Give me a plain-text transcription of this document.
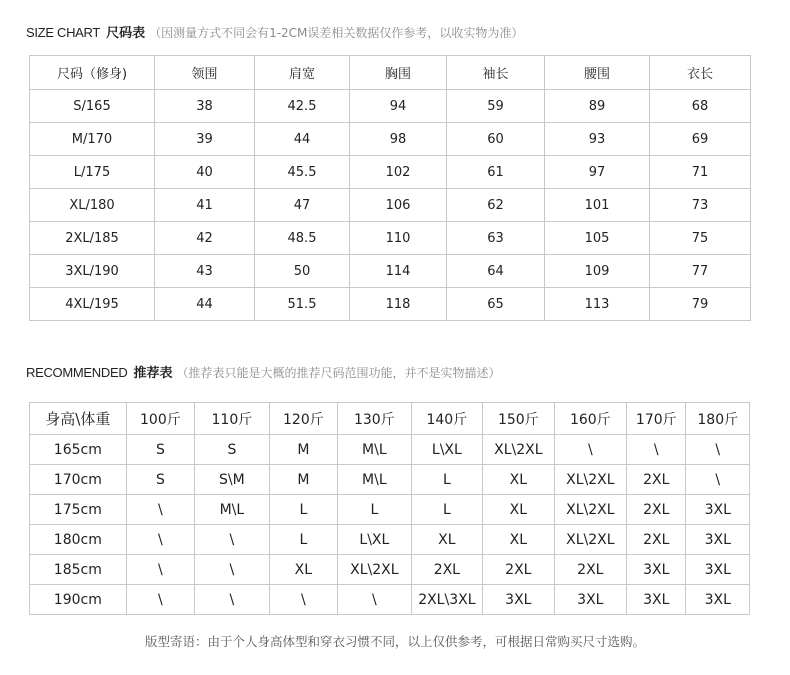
SIZE CHART 尺码表 （因测量方式不同会有1-2CM误差相关数据仅作参考，以收实物为准）
尺码（修身)	领围	肩宽	胸围	袖长	腰围	衣长
S/165	38	42.5	94	59	89	68
M/170	39	44	98	60	93	69
L/175	40	45.5	102	61	97	71
XL/180	41	47	106	62	101	73
2XL/185	42	48.5	110	63	105	75
3XL/190	43	50	114	64	109	77
4XL/195	44	51.5	118	65	113	79
RECOMMENDED 推荐表 （推荐表只能是大概的推荐尺码范围功能，并不是实物描述）
身高\体重	100斤	110斤	120斤	130斤	140斤	150斤	160斤	170斤	180斤
165cm	S	S	M	M\L	L\XL	XL\2XL	\	\	\
170cm	S	S\M	M	M\L	L	XL	XL\2XL	2XL	\
175cm	\	M\L	L	L	L	XL	XL\2XL	2XL	3XL
180cm	\	\	L	L\XL	XL	XL	XL\2XL	2XL	3XL
185cm	\	\	XL	XL\2XL	2XL	2XL	2XL	3XL	3XL
190cm	\	\	\	\	2XL\3XL	3XL	3XL	3XL	3XL
版型寄语：由于个人身高体型和穿衣习惯不同，以上仅供参考，可根据日常购买尺寸选购。
